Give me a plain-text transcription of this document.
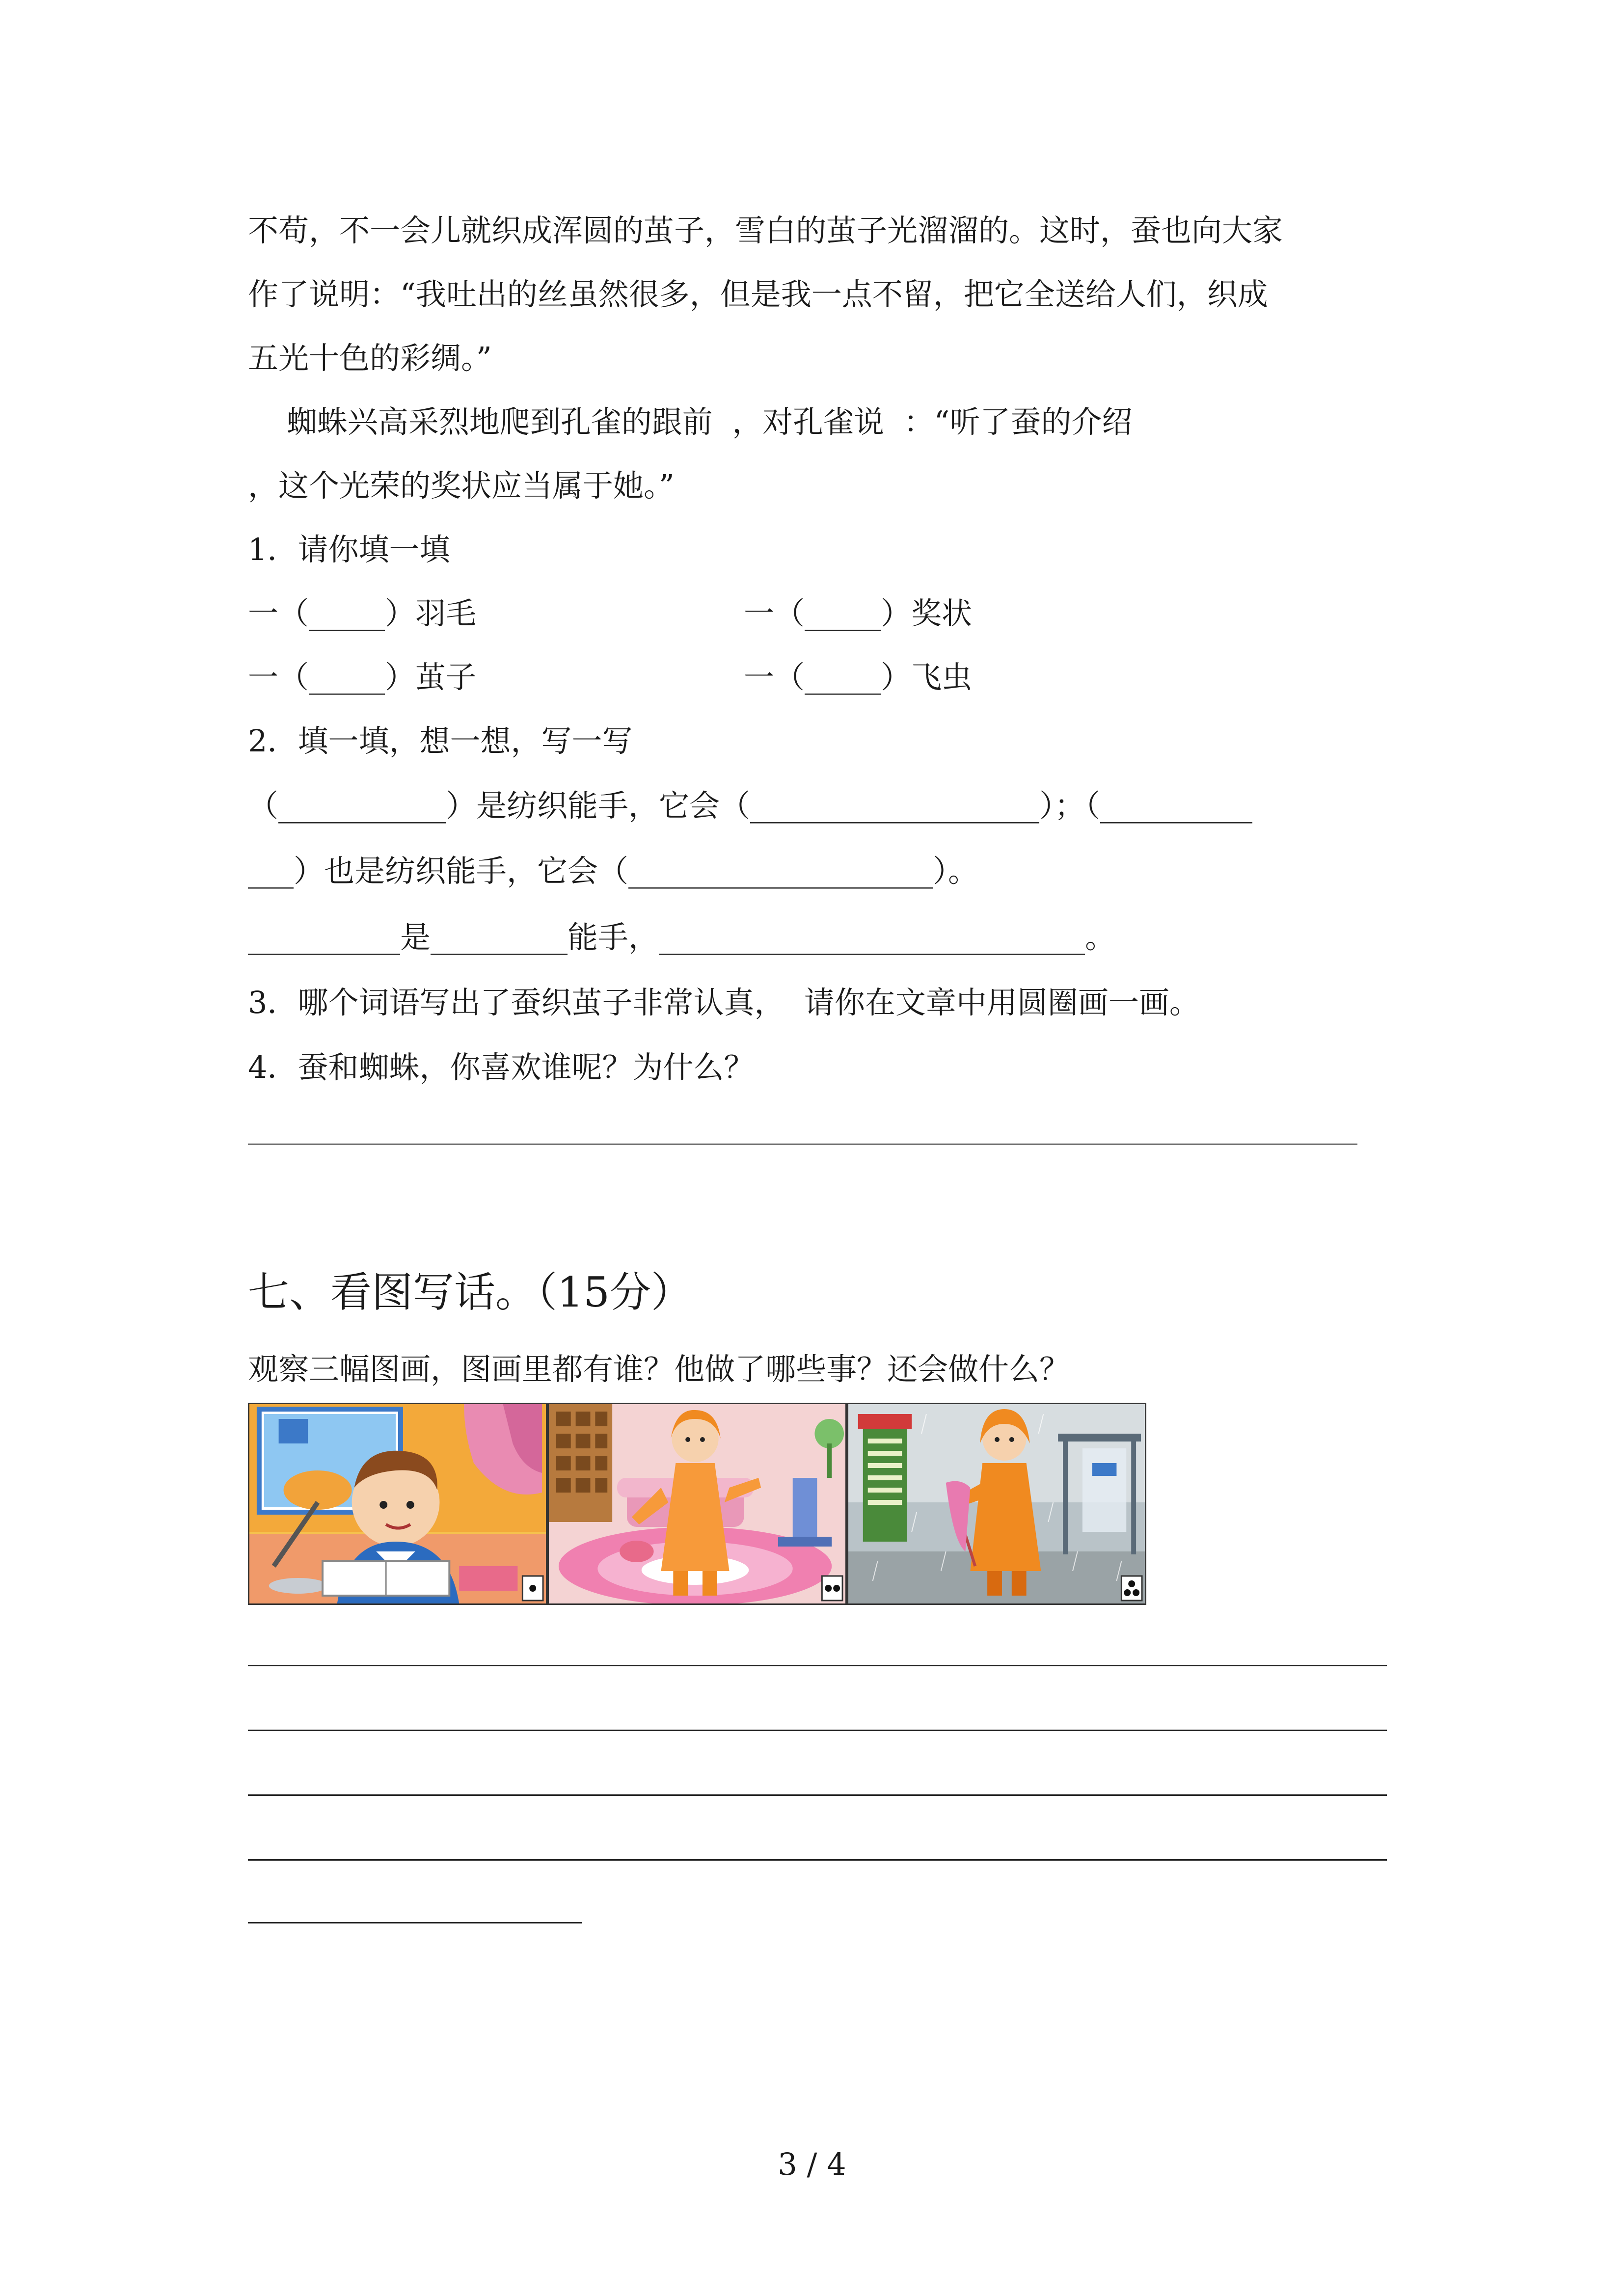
不苟，不一会儿就织成浑圆的茧子，雪白的茧子光溜溜的。这时，蚕也向大家

作了说明：“我吐出的丝虽然很多，但是我一点不留，把它全送给人们，织成

五光十色的彩绸。”

蜘蛛兴高采烈地爬到孔雀的跟前  ，对孔雀说  ：“听了蚕的介绍

，这个光荣的奖状应当属于她。”

1．请你填一填

一（_____）羽毛	一（_____）奖状

一（_____）茧子	一（_____）飞虫

2．填一填，想一想，写一写

（___________）是纺织能手，它会（___________________）；（__________

___）也是纺织能手，它会（____________________）。

__________是_________能手，____________________________。

3．哪个词语写出了蚕织茧子非常认真，  请你在文章中用圆圈画一画。

4．蚕和蜘蛛，你喜欢谁呢？为什么？

七、看图写话。（15分）

观察三幅图画，图画里都有谁？他做了哪些事？还会做什么？

3 / 4
